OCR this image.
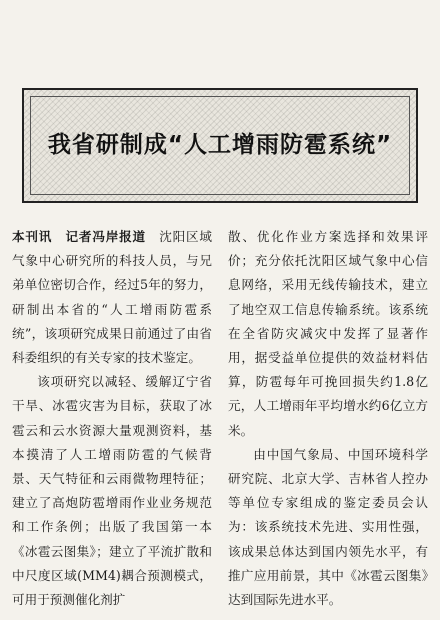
我省研制成“人工增雨防雹系统”

本刊讯　记者冯岸报道　沈阳区域气象中心研究所的科技人员，与兄弟单位密切合作，经过5年的努力，研制出本省的“人工增雨防雹系统”，该项研究成果日前通过了由省科委组织的有关专家的技术鉴定。

该项研究以减轻、缓解辽宁省干旱、冰雹灾害为目标，获取了冰雹云和云水资源大量观测资料，基本摸清了人工增雨防雹的气候背景、天气特征和云雨微物理特征；建立了高炮防雹增雨作业业务规范和工作条例；出版了我国第一本《冰雹云图集》；建立了平流扩散和中尺度区域(MM4)耦合预测模式，可用于预测催化剂扩

散、优化作业方案选择和效果评价；充分依托沈阳区域气象中心信息网络，采用无线传输技术，建立了地空双工信息传输系统。该系统在全省防灾减灾中发挥了显著作用，据受益单位提供的效益材料估算，防雹每年可挽回损失约1.8亿元，人工增雨年平均增水约6亿立方米。

由中国气象局、中国环境科学研究院、北京大学、吉林省人控办等单位专家组成的鉴定委员会认为：该系统技术先进、实用性强，该成果总体达到国内领先水平，有推广应用前景，其中《冰雹云图集》达到国际先进水平。
